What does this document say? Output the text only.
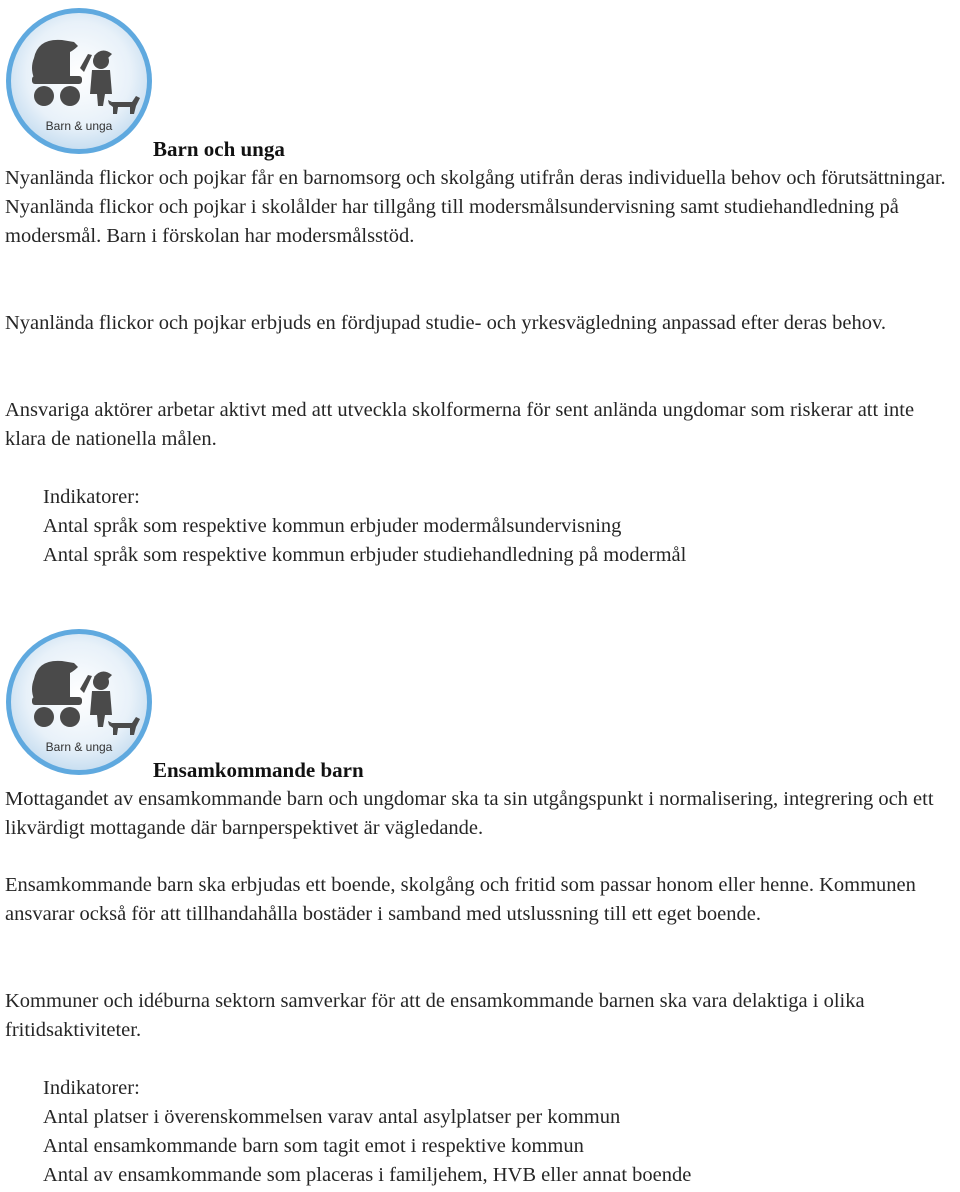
Barn & unga
Barn och unga

Nyanlända flickor och pojkar får en barnomsorg och skolgång utifrån deras individuella behov och förutsättningar. Nyanlända flickor och pojkar i skolålder har tillgång till modersmålsundervisning samt studiehandledning på modersmål. Barn i förskolan har modersmålsstöd.

Nyanlända flickor och pojkar erbjuds en fördjupad studie- och yrkesvägledning anpassad efter deras behov.

Ansvariga aktörer arbetar aktivt med att utveckla skolformerna för sent anlända ungdomar som riskerar att inte klara de nationella målen.

Indikatorer:
Antal språk som respektive kommun erbjuder modermålsundervisning
Antal språk som respektive kommun erbjuder studiehandledning på modermål
Barn & unga
Ensamkommande barn

Mottagandet av ensamkommande barn och ungdomar ska ta sin utgångspunkt i normalisering, integrering och ett likvärdigt mottagande där barnperspektivet är vägledande.

Ensamkommande barn ska erbjudas ett boende, skolgång och fritid som passar honom eller henne. Kommunen ansvarar också för att tillhandahålla bostäder i samband med utslussning till ett eget boende.

Kommuner och idéburna sektorn samverkar för att de ensamkommande barnen ska vara delaktiga i olika fritidsaktiviteter.

Indikatorer:
Antal platser i överenskommelsen varav antal asylplatser per kommun
Antal ensamkommande barn som tagit emot i respektive kommun
Antal av ensamkommande som placeras i familjehem, HVB eller annat boende
